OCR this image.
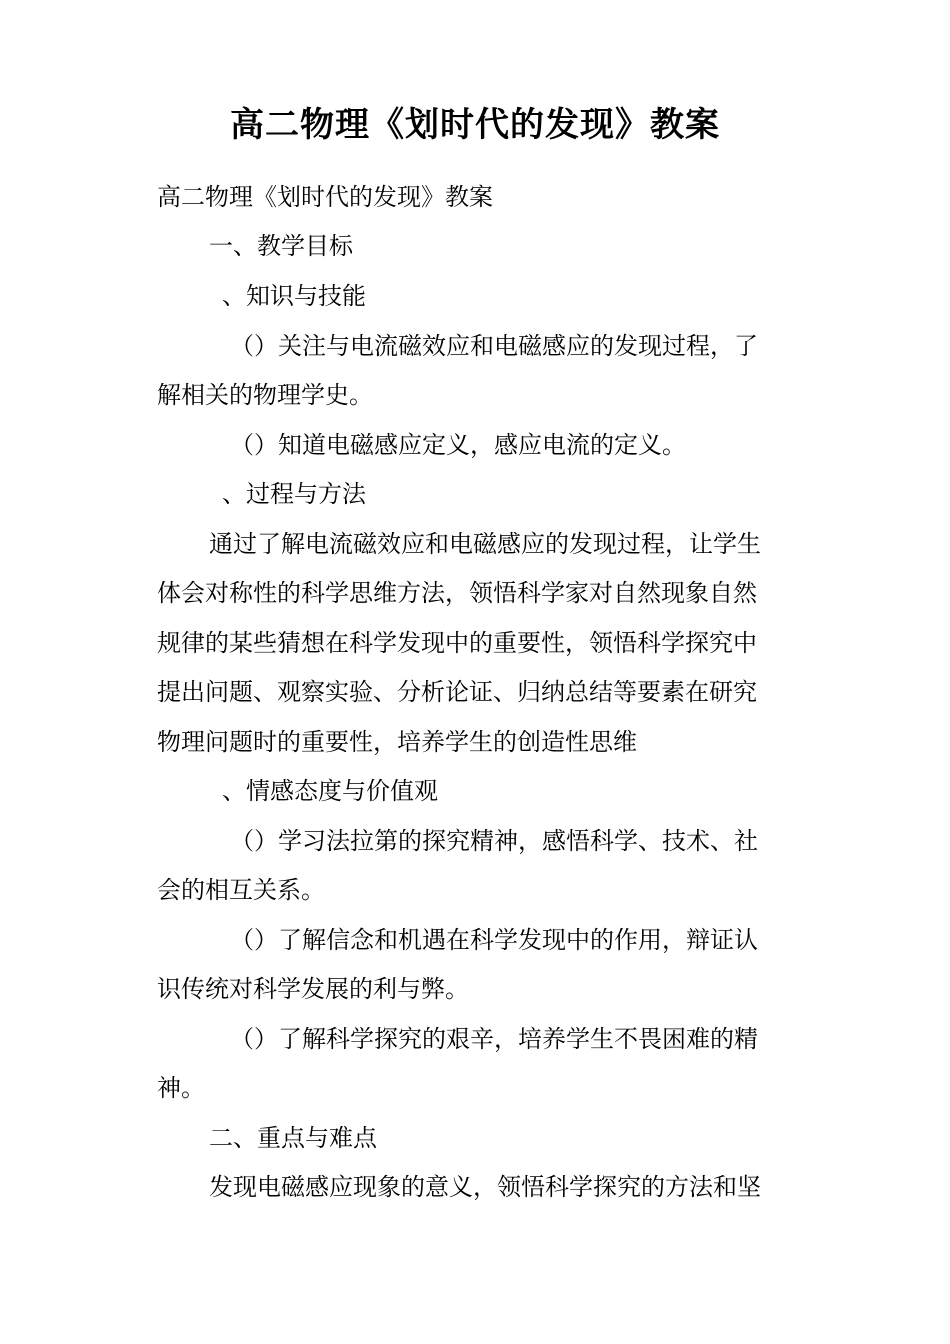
高二物理《划时代的发现》教案
高二物理《划时代的发现》教案
一、教学目标
、知识与技能
（）关注与电流磁效应和电磁感应的发现过程，了
解相关的物理学史。
（）知道电磁感应定义，感应电流的定义。
、过程与方法
通过了解电流磁效应和电磁感应的发现过程，让学生
体会对称性的科学思维方法，领悟科学家对自然现象自然
规律的某些猜想在科学发现中的重要性，领悟科学探究中
提出问题、观察实验、分析论证、归纳总结等要素在研究
物理问题时的重要性，培养学生的创造性思维
、情感态度与价值观
（）学习法拉第的探究精神，感悟科学、技术、社
会的相互关系。
（）了解信念和机遇在科学发现中的作用，辩证认
识传统对科学发展的利与弊。
（）了解科学探究的艰辛，培养学生不畏困难的精
神。
二、重点与难点
发现电磁感应现象的意义，领悟科学探究的方法和坚
